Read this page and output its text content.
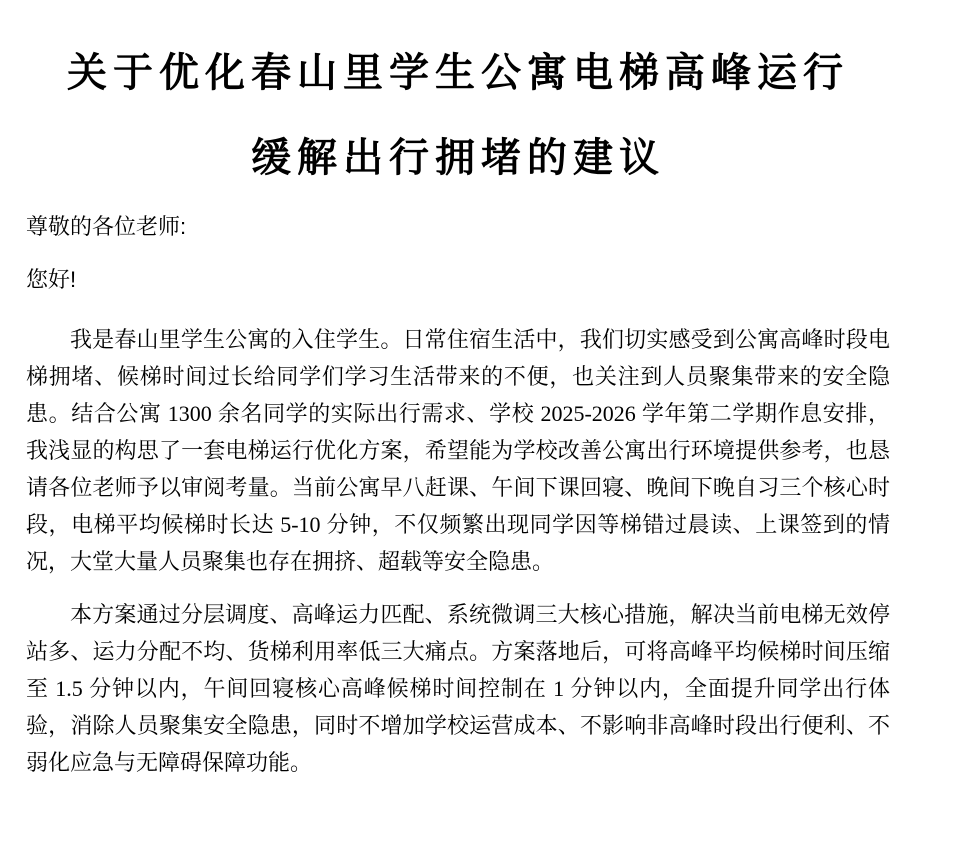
关于优化春山里学生公寓电梯高峰运行
缓解出行拥堵的建议

尊敬的各位老师:

您好!

我是春山里学生公寓的入住学生。日常住宿生活中，我们切实感受到公寓高峰时段电梯拥堵、候梯时间过长给同学们学习生活带来的不便，也关注到人员聚集带来的安全隐患。结合公寓 1300 余名同学的实际出行需求、学校 2025-2026 学年第二学期作息安排，我浅显的构思了一套电梯运行优化方案，希望能为学校改善公寓出行环境提供参考，也恳请各位老师予以审阅考量。当前公寓早八赶课、午间下课回寝、晚间下晚自习三个核心时段，电梯平均候梯时长达 5-10 分钟，不仅频繁出现同学因等梯错过晨读、上课签到的情况，大堂大量人员聚集也存在拥挤、超载等安全隐患。

本方案通过分层调度、高峰运力匹配、系统微调三大核心措施，解决当前电梯无效停站多、运力分配不均、货梯利用率低三大痛点。方案落地后，可将高峰平均候梯时间压缩至 1.5 分钟以内，午间回寝核心高峰候梯时间控制在 1 分钟以内，全面提升同学出行体验，消除人员聚集安全隐患，同时不增加学校运营成本、不影响非高峰时段出行便利、不弱化应急与无障碍保障功能。
